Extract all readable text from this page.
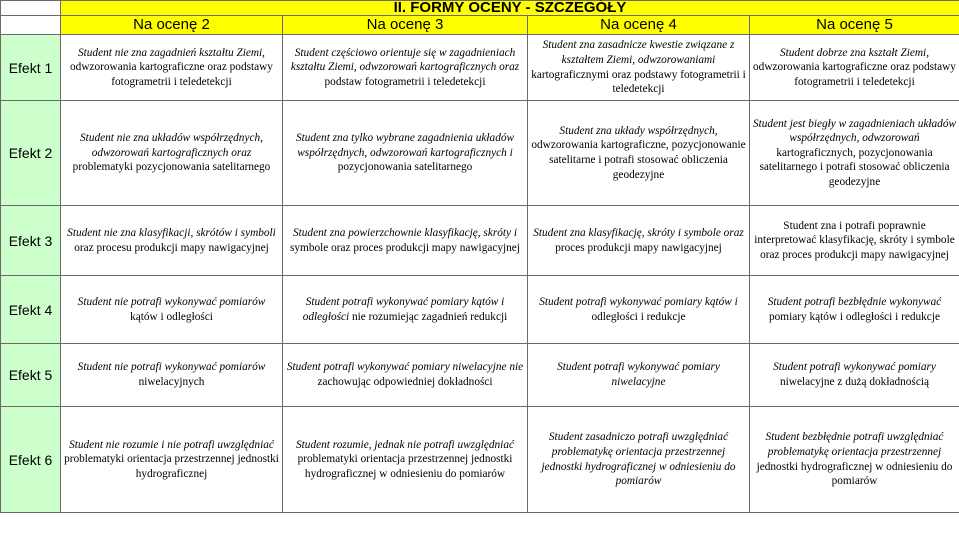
	II. FORMY OCENY - SZCZEGÓŁY			
	Na ocenę 2	Na ocenę 3	Na ocenę 4	Na ocenę 5
Efekt 1	Student nie zna zagadnień kształtu Ziemi, odwzorowania kartograficzne oraz podstawy fotogrametrii i teledetekcji	Student częściowo orientuje się w zagadnieniach kształtu Ziemi, odwzorowań kartograficznych oraz podstaw fotogrametrii i teledetekcji	Student zna zasadnicze kwestie związane z kształtem Ziemi, odwzorowaniami kartograficznymi oraz podstawy fotogrametrii i teledetekcji	Student dobrze zna kształt Ziemi, odwzorowania kartograficzne oraz podstawy fotogrametrii i teledetekcji
Efekt 2	Student nie zna układów współrzędnych, odwzorowań kartograficznych oraz problematyki pozycjonowania satelitarnego	Student zna tylko wybrane zagadnienia układów współrzędnych, odwzorowań kartograficznych i pozycjonowania satelitarnego	Student zna układy współrzędnych, odwzorowania kartograficzne, pozycjonowanie satelitarne i potrafi stosować obliczenia geodezyjne	Student jest biegły w zagadnieniach układów współrzędnych, odwzorowań kartograficznych, pozycjonowania satelitarnego i potrafi stosować obliczenia geodezyjne
Efekt 3	Student nie zna klasyfikacji, skrótów i symboli oraz procesu produkcji mapy nawigacyjnej	Student zna powierzchownie klasyfikację, skróty i symbole oraz proces produkcji mapy nawigacyjnej	Student zna klasyfikację, skróty i symbole oraz proces produkcji mapy nawigacyjnej	Student zna i potrafi poprawnie interpretować klasyfikację, skróty i symbole oraz proces produkcji mapy nawigacyjnej
Efekt 4	Student nie potrafi wykonywać pomiarów kątów i odległości	Student potrafi wykonywać pomiary kątów i odległości nie rozumiejąc zagadnień redukcji	Student potrafi wykonywać pomiary kątów i odległości i redukcje	Student potrafi bezbłędnie wykonywać pomiary kątów i odległości i redukcje
Efekt 5	Student nie potrafi wykonywać pomiarów niwelacyjnych	Student potrafi wykonywać pomiary niwelacyjne nie zachowując odpowiedniej dokładności	Student potrafi wykonywać pomiary niwelacyjne	Student potrafi wykonywać pomiary niwelacyjne z dużą dokładnością
Efekt 6	Student nie rozumie i nie potrafi uwzględniać problematyki orientacja przestrzennej jednostki hydrograficznej	Student rozumie, jednak nie potrafi uwzględniać problematyki orientacja przestrzennej jednostki hydrograficznej w odniesieniu do pomiarów	Student zasadniczo potrafi uwzględniać problematykę orientacja przestrzennej jednostki hydrograficznej w odniesieniu do pomiarów	Student bezbłędnie potrafi uwzględniać problematykę orientacja przestrzennej jednostki hydrograficznej w odniesieniu do pomiarów
